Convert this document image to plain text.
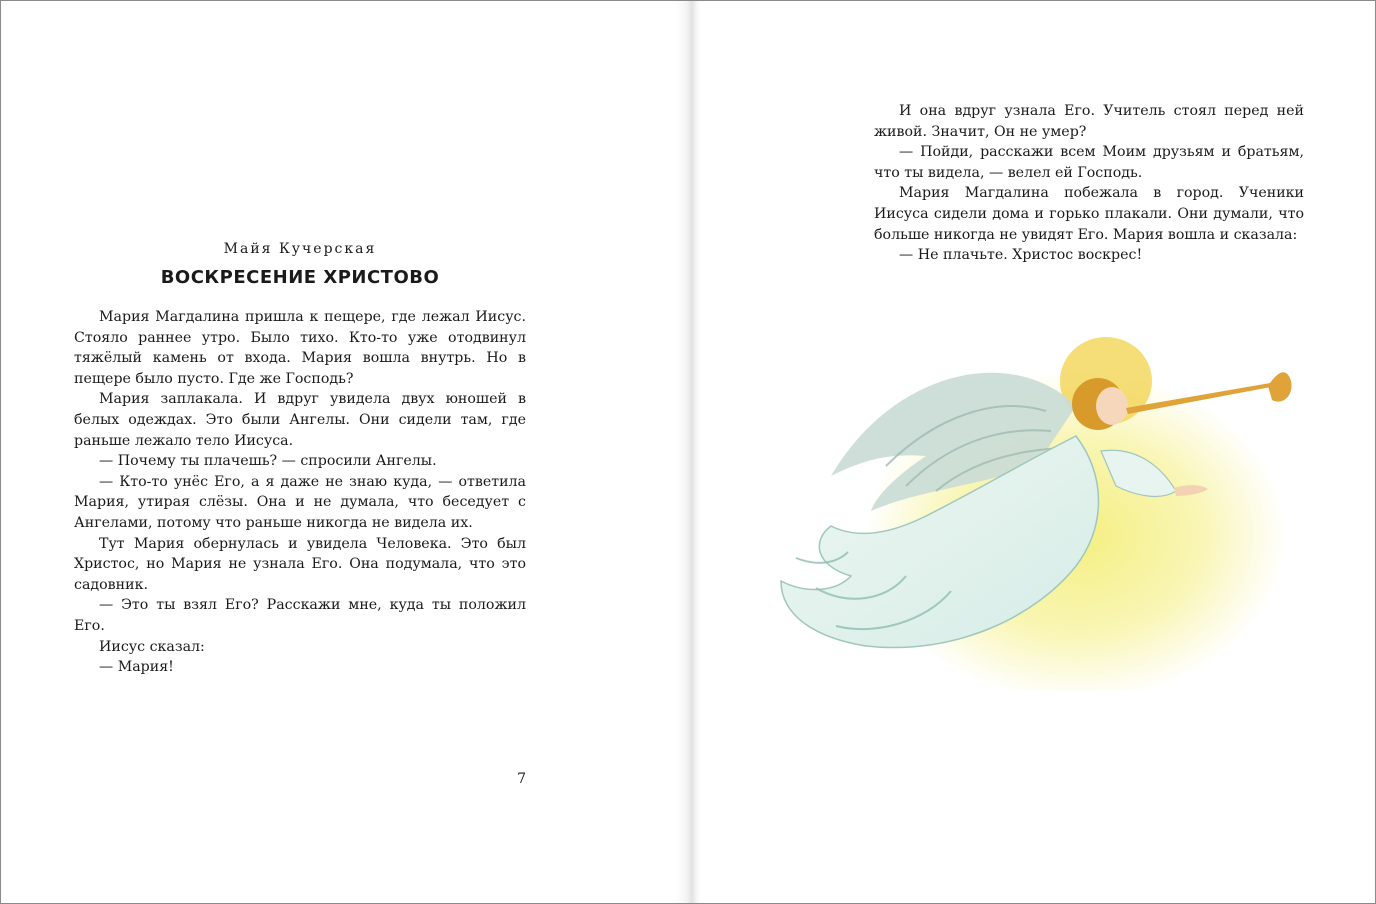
Майя Кучерская
ВОСКРЕСЕНИЕ ХРИСТОВО

Мария Магдалина пришла к пещере, где лежал Иисус. Стояло раннее утро. Было тихо. Кто-то уже отодвинул тяжёлый камень от входа. Мария вошла внутрь. Но в пещере было пусто. Где же Господь?

Мария заплакала. И вдруг увидела двух юношей в белых одеждах. Это были Ангелы. Они сидели там, где раньше лежало тело Иисуса.

— Почему ты плачешь? — спросили Ангелы.

— Кто-то унёс Его, а я даже не знаю куда, — ответила Мария, утирая слёзы. Она и не думала, что беседует с Ангелами, потому что раньше никогда не видела их.

Тут Мария обернулась и увидела Человека. Это был Христос, но Мария не узнала Его. Она подумала, что это садовник.

— Это ты взял Его? Расскажи мне, куда ты положил Его.

Иисус сказал:

— Мария!

7

И она вдруг узнала Его. Учитель стоял перед ней живой. Значит, Он не умер?

— Пойди, расскажи всем Моим друзьям и братьям, что ты видела, — велел ей Господь.

Мария Магдалина побежала в город. Ученики Иисуса сидели дома и горько плакали. Они думали, что больше никогда не увидят Его. Мария вошла и сказала:

— Не плачьте. Христос воскрес!
